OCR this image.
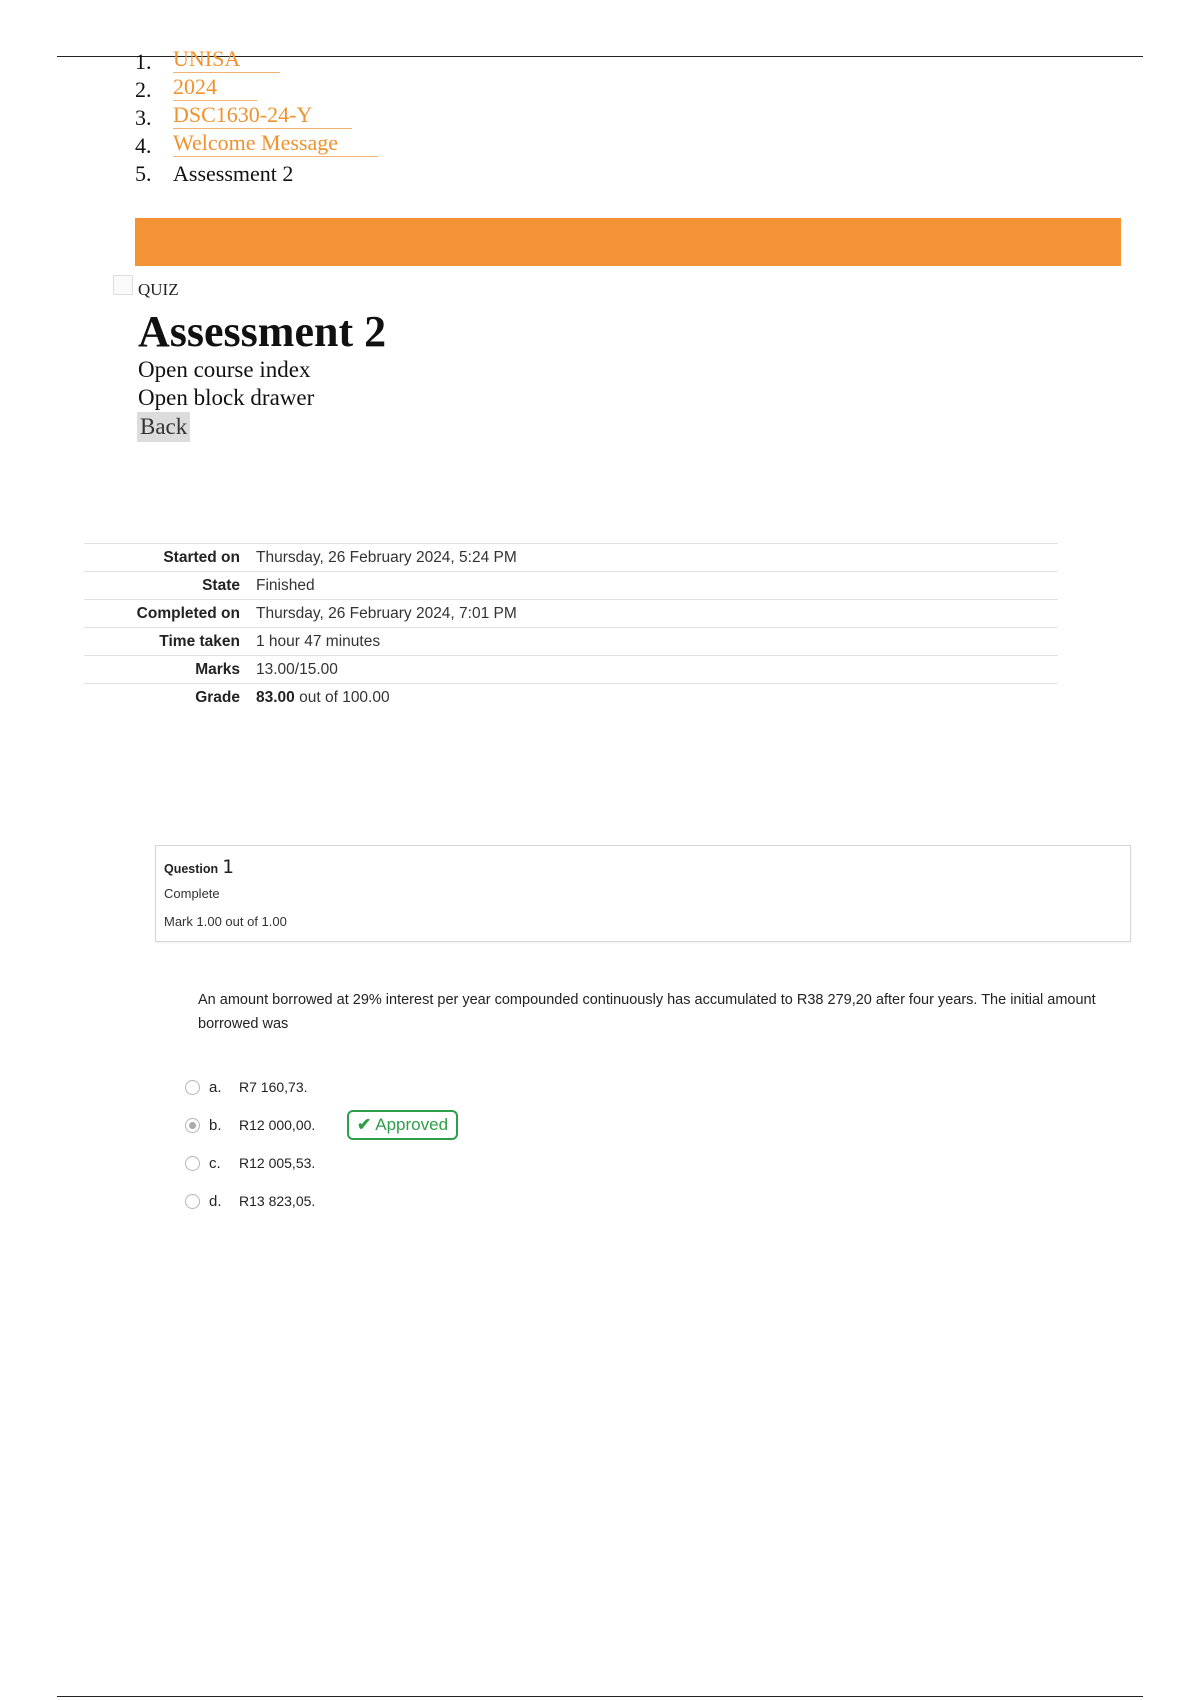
1. UNISA
2. 2024
3. DSC1630-24-Y
4. Welcome Message
5. Assessment 2
QUIZ
Assessment 2
Open course index
Open block drawer
Back
Started on	Thursday, 26 February 2024, 5:24 PM
State	Finished
Completed on	Thursday, 26 February 2024, 7:01 PM
Time taken	1 hour 47 minutes
Marks	13.00/15.00
Grade	83.00 out of 100.00
Question 1
Complete
Mark 1.00 out of 1.00

An amount borrowed at 29% interest per year compounded continuously has accumulated to R38 279,20 after four years. The initial amount borrowed was

a.	R7 160,73.
b.	R12 000,00.	✔ Approved
c.	R12 005,53.
d.	R13 823,05.
